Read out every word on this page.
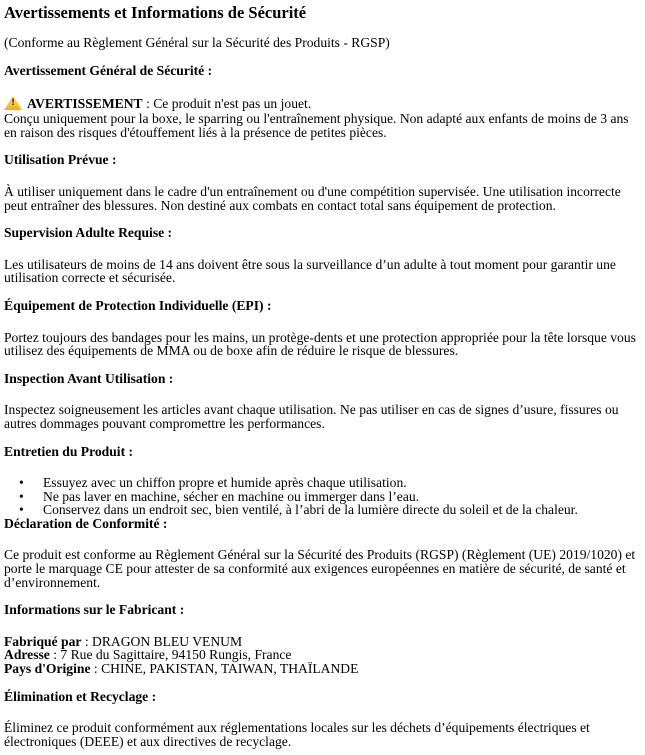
Avertissements et Informations de Sécurité
(Conforme au Règlement Général sur la Sécurité des Produits - RGSP)
Avertissement Général de Sécurité :
! AVERTISSEMENT : Ce produit n'est pas un jouet.
Conçu uniquement pour la boxe, le sparring ou l'entraînement physique. Non adapté aux enfants de moins de 3 ans en raison des risques d'étouffement liés à la présence de petites pièces.
Utilisation Prévue :
À utiliser uniquement dans le cadre d'un entraînement ou d'une compétition supervisée. Une utilisation incorrecte peut entraîner des blessures. Non destiné aux combats en contact total sans équipement de protection.
Supervision Adulte Requise :
Les utilisateurs de moins de 14 ans doivent être sous la surveillance d’un adulte à tout moment pour garantir une utilisation correcte et sécurisée.
Équipement de Protection Individuelle (EPI) :
Portez toujours des bandages pour les mains, un protège-dents et une protection appropriée pour la tête lorsque vous utilisez des équipements de MMA ou de boxe afin de réduire le risque de blessures.
Inspection Avant Utilisation :
Inspectez soigneusement les articles avant chaque utilisation. Ne pas utiliser en cas de signes d’usure, fissures ou autres dommages pouvant compromettre les performances.
Entretien du Produit :
• Essuyez avec un chiffon propre et humide après chaque utilisation.
• Ne pas laver en machine, sécher en machine ou immerger dans l’eau.
• Conservez dans un endroit sec, bien ventilé, à l’abri de la lumière directe du soleil et de la chaleur.
Déclaration de Conformité :
Ce produit est conforme au Règlement Général sur la Sécurité des Produits (RGSP) (Règlement (UE) 2019/1020) et porte le marquage CE pour attester de sa conformité aux exigences européennes en matière de sécurité, de santé et d’environnement.
Informations sur le Fabricant :
Fabriqué par : DRAGON BLEU VENUM
Adresse : 7 Rue du Sagittaire, 94150 Rungis, France
Pays d'Origine : CHINE, PAKISTAN, TAIWAN, THAÏLANDE
Élimination et Recyclage :
Éliminez ce produit conformément aux réglementations locales sur les déchets d’équipements électriques et électroniques (DEEE) et aux directives de recyclage.
